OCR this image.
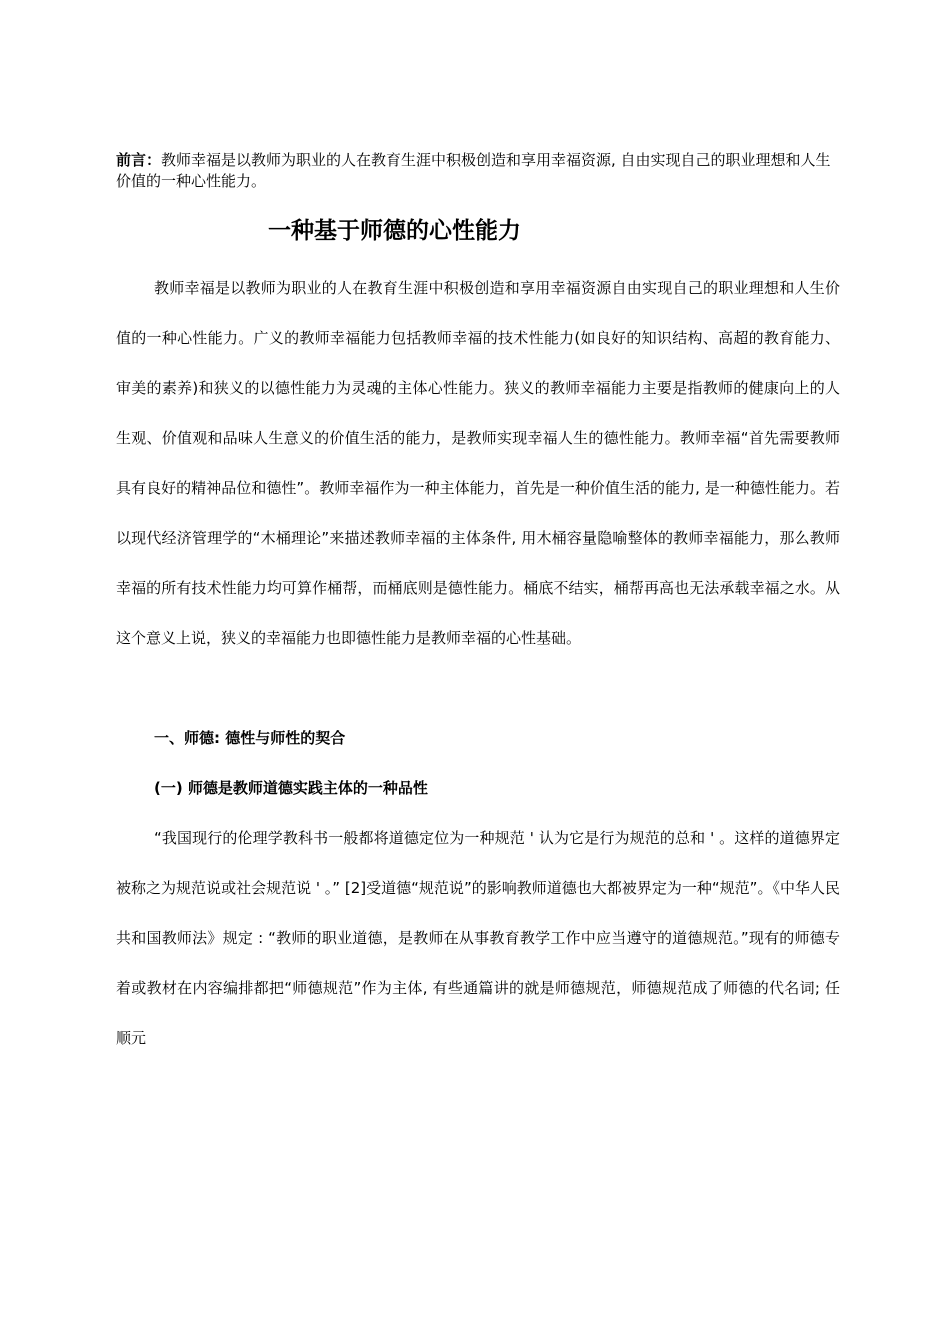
前言：教师幸福是以教师为职业的人在教育生涯中积极创造和享用幸福资源, 自由实现自己的职业理想和人生价值的一种心性能力。

一种基于师德的心性能力

教师幸福是以教师为职业的人在教育生涯中积极创造和享用幸福资源自由实现自己的职业理想和人生价值的一种心性能力。广义的教师幸福能力包括教师幸福的技术性能力(如良好的知识结构、高超的教育能力、审美的素养)和狭义的以德性能力为灵魂的主体心性能力。狭义的教师幸福能力主要是指教师的健康向上的人生观、价值观和品味人生意义的价值生活的能力，是教师实现幸福人生的德性能力。教师幸福“首先需要教师具有良好的精神品位和德性”。教师幸福作为一种主体能力，首先是一种价值生活的能力, 是一种德性能力。若以现代经济管理学的“木桶理论”来描述教师幸福的主体条件, 用木桶容量隐喻整体的教师幸福能力，那么教师幸福的所有技术性能力均可算作桶帮，而桶底则是德性能力。桶底不结实，桶帮再高也无法承载幸福之水。从这个意义上说，狭义的幸福能力也即德性能力是教师幸福的心性基础。

一、师德: 德性与师性的契合
(一) 师德是教师道德实践主体的一种品性

“我国现行的伦理学教科书一般都将道德定位为一种规范 ' 认为它是行为规范的总和 ' 。这样的道德界定被称之为规范说或社会规范说 ' 。” [2]受道德“规范说”的影响教师道德也大都被界定为一种“规范”。《中华人民共和国教师法》规定 : “教师的职业道德，是教师在从事教育教学工作中应当遵守的道德规范。”现有的师德专着或教材在内容编排都把“师德规范”作为主体, 有些通篇讲的就是师德规范，师德规范成了师德的代名词; 任顺元
